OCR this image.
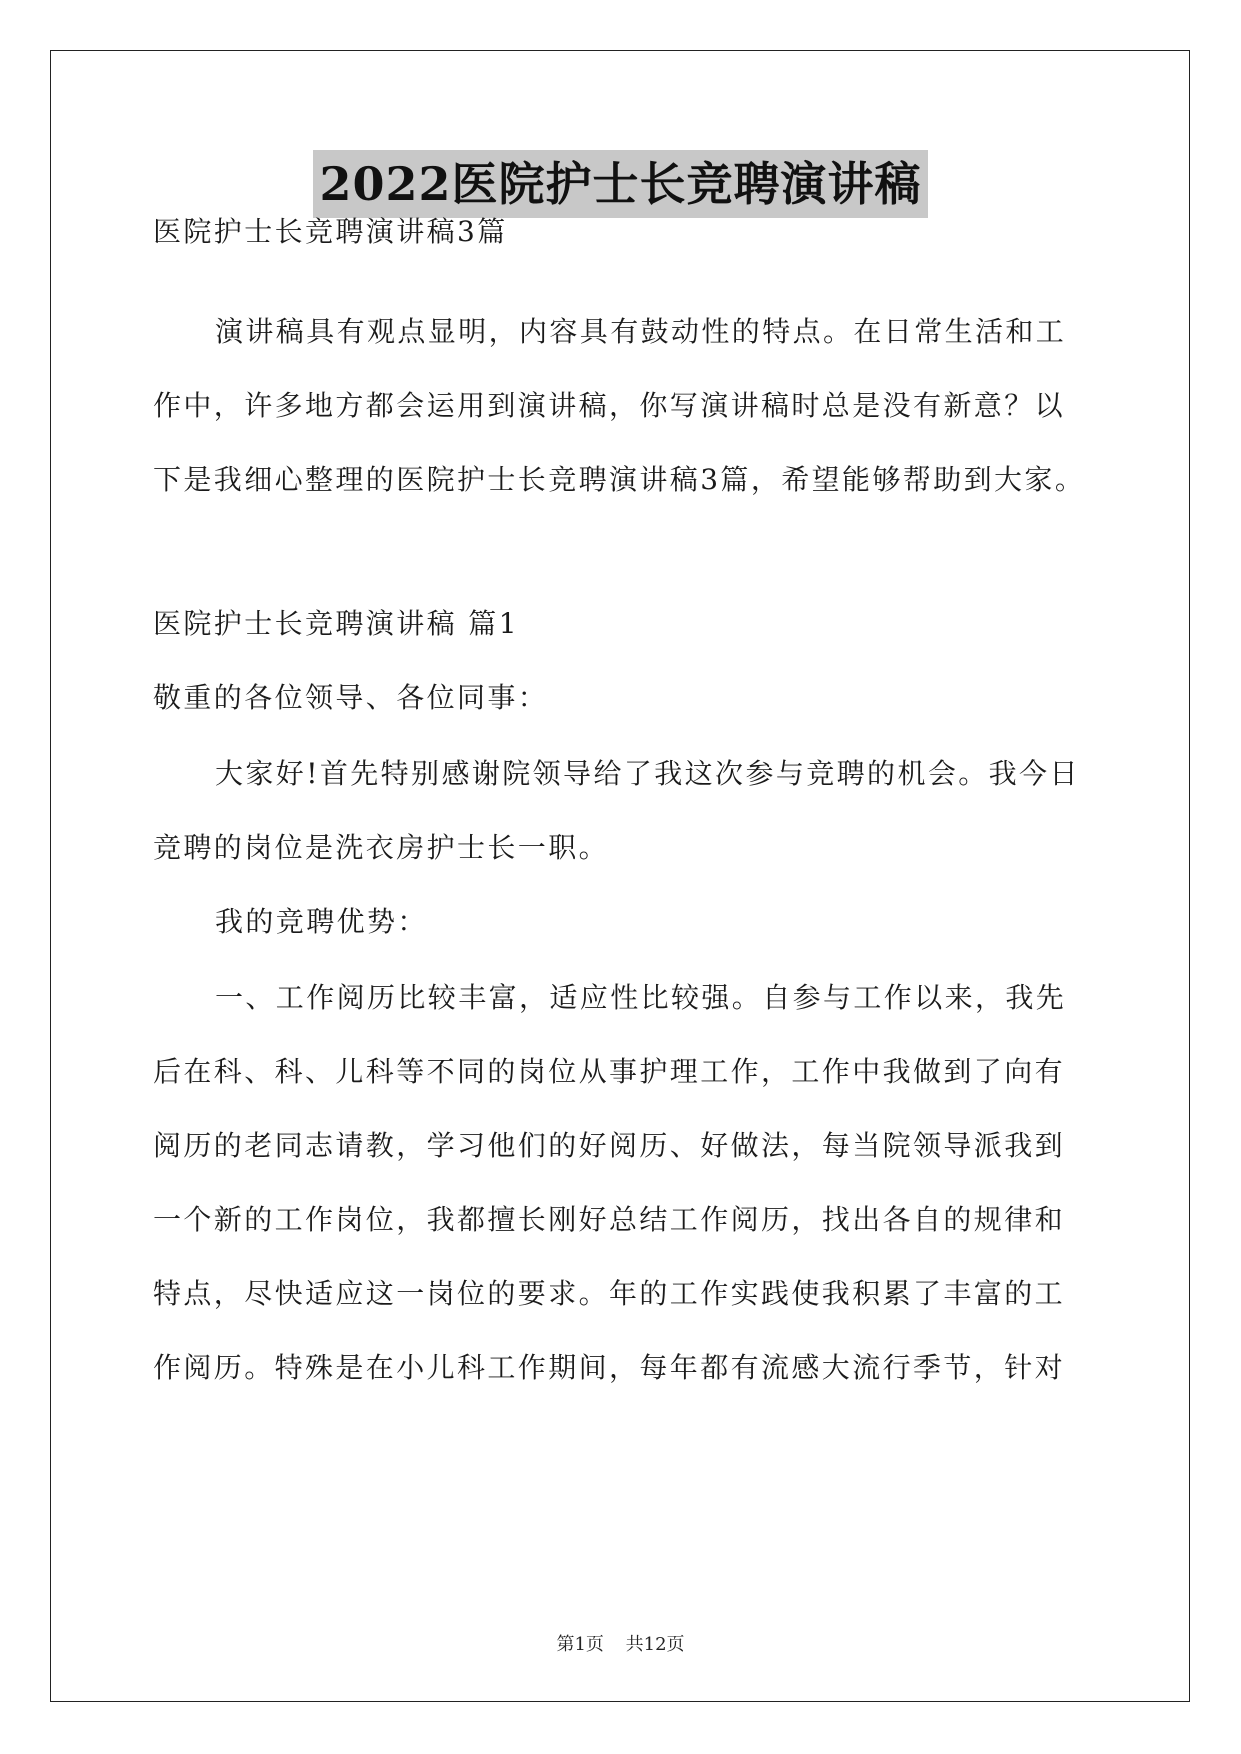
2022医院护士长竞聘演讲稿
医院护士长竞聘演讲稿3篇
演讲稿具有观点显明，内容具有鼓动性的特点。在日常生活和工
作中，许多地方都会运用到演讲稿，你写演讲稿时总是没有新意？以
下是我细心整理的医院护士长竞聘演讲稿3篇，希望能够帮助到大家。
医院护士长竞聘演讲稿 篇1
敬重的各位领导、各位同事：
大家好!首先特别感谢院领导给了我这次参与竞聘的机会。我今日
竞聘的岗位是洗衣房护士长一职。
我的竞聘优势：
一、工作阅历比较丰富，适应性比较强。自参与工作以来，我先
后在科、科、儿科等不同的岗位从事护理工作，工作中我做到了向有
阅历的老同志请教，学习他们的好阅历、好做法，每当院领导派我到
一个新的工作岗位，我都擅长刚好总结工作阅历，找出各自的规律和
特点，尽快适应这一岗位的要求。年的工作实践使我积累了丰富的工
作阅历。特殊是在小儿科工作期间，每年都有流感大流行季节，针对
第1页 共12页
